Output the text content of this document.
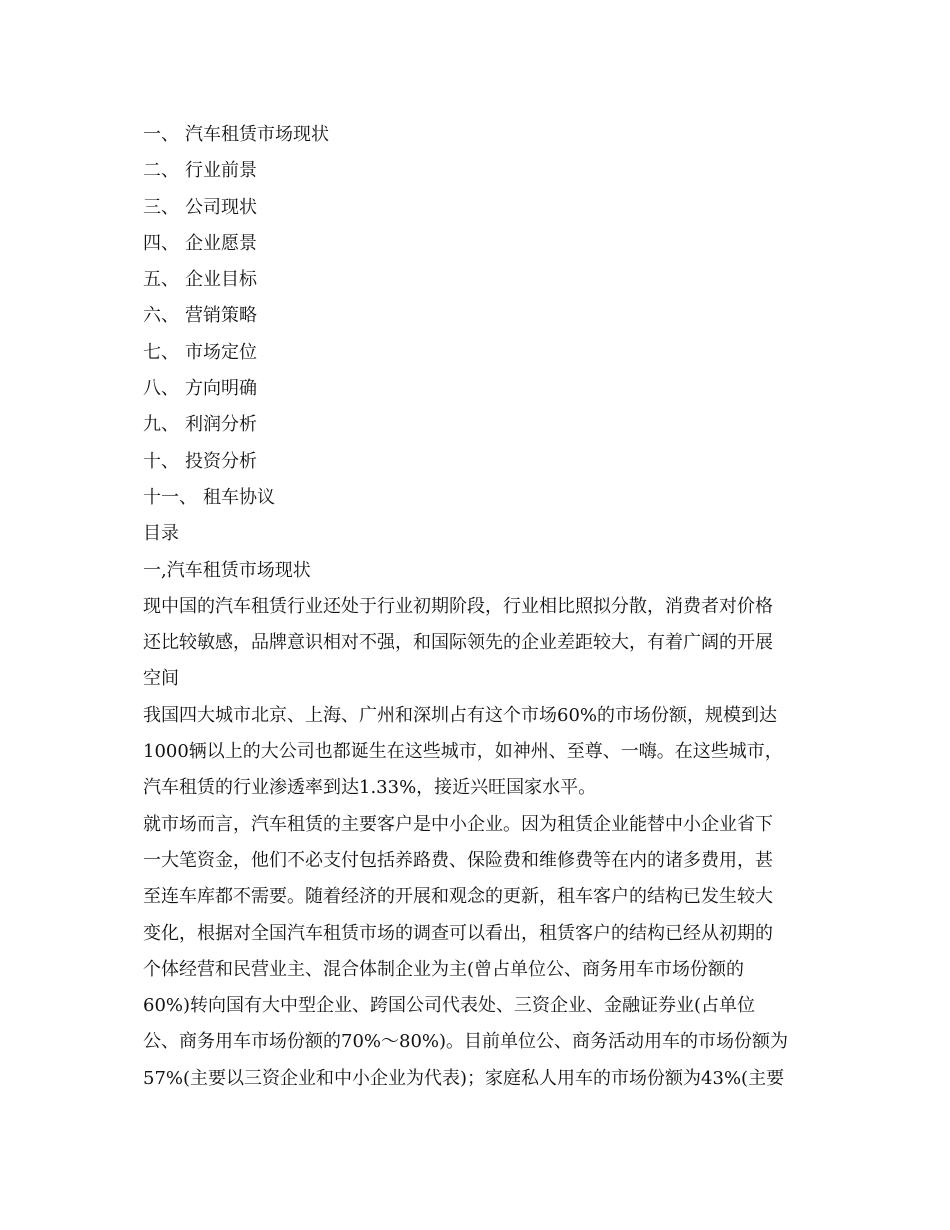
一、 汽车租赁市场现状
二、 行业前景
三、 公司现状
四、 企业愿景
五、 企业目标
六、 营销策略
七、 市场定位
八、 方向明确
九、 利润分析
十、 投资分析
十一、 租车协议
目录
一,汽车租赁市场现状

现中国的汽车租赁行业还处于行业初期阶段，行业相比照拟分散，消费者对价格
还比较敏感，品牌意识相对不强，和国际领先的企业差距较大，有着广阔的开展
空间

我国四大城市北京、上海、广州和深圳占有这个市场60%的市场份额，规模到达
1000辆以上的大公司也都诞生在这些城市，如神州、至尊、一嗨。在这些城市，
汽车租赁的行业渗透率到达1.33%，接近兴旺国家水平。

就市场而言，汽车租赁的主要客户是中小企业。因为租赁企业能替中小企业省下
一大笔资金，他们不必支付包括养路费、保险费和维修费等在内的诸多费用，甚
至连车库都不需要。随着经济的开展和观念的更新，租车客户的结构已发生较大
变化，根据对全国汽车租赁市场的调查可以看出，租赁客户的结构已经从初期的
个体经营和民营业主、混合体制企业为主(曾占单位公、商务用车市场份额的
60%)转向国有大中型企业、跨国公司代表处、三资企业、金融证券业(占单位
公、商务用车市场份额的70%～80%)。目前单位公、商务活动用车的市场份额为
57%(主要以三资企业和中小企业为代表)；家庭私人用车的市场份额为43%(主要
